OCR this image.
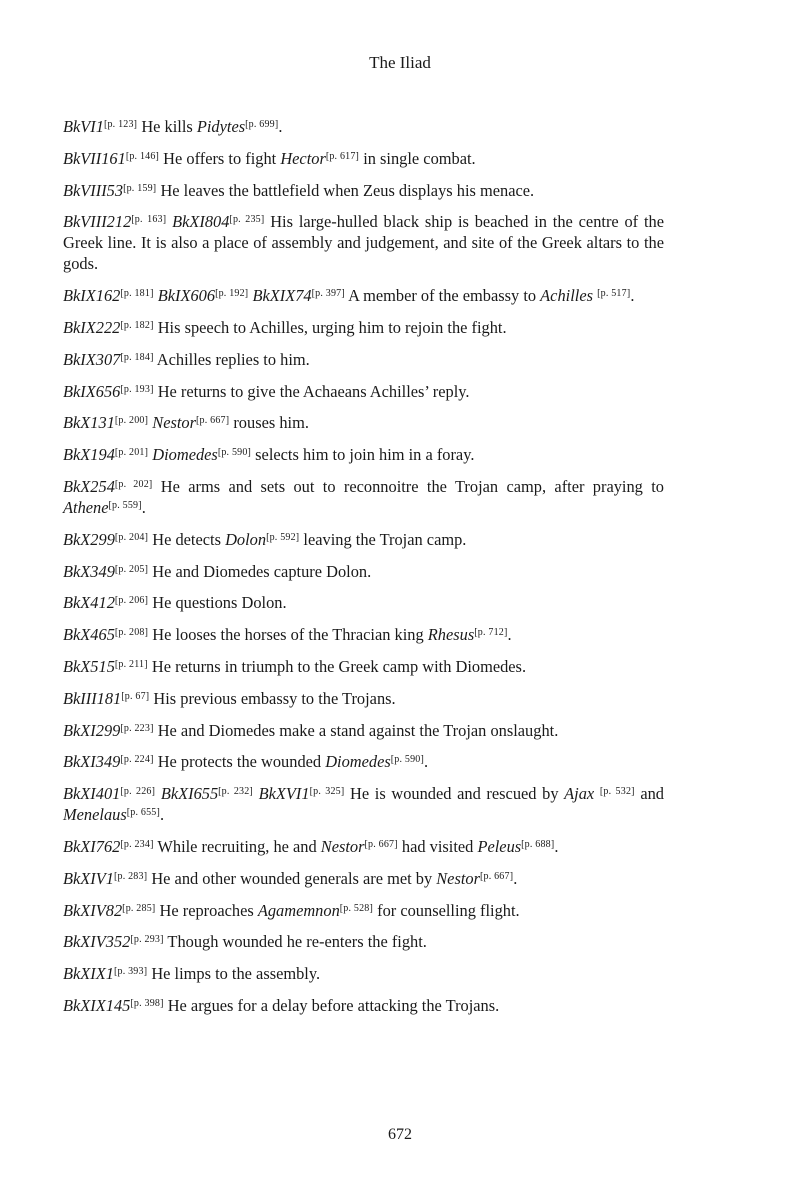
The Iliad

BkVI1[p. 123] He kills Pidytes[p. 699].

BkVII161[p. 146] He offers to fight Hector[p. 617] in single combat.

BkVIII53[p. 159] He leaves the battlefield when Zeus displays his menace.

BkVIII212[p. 163] BkXI804[p. 235] His large-hulled black ship is beached in the centre of the Greek line. It is also a place of assembly and judgement, and site of the Greek altars to the gods.

BkIX162[p. 181] BkIX606[p. 192] BkXIX74[p. 397] A member of the embassy to Achilles [p. 517].

BkIX222[p. 182] His speech to Achilles, urging him to rejoin the fight.

BkIX307[p. 184] Achilles replies to him.

BkIX656[p. 193] He returns to give the Achaeans Achilles’ reply.

BkX131[p. 200] Nestor[p. 667] rouses him.

BkX194[p. 201] Diomedes[p. 590] selects him to join him in a foray.

BkX254[p. 202] He arms and sets out to reconnoitre the Trojan camp, after praying to Athene[p. 559].

BkX299[p. 204] He detects Dolon[p. 592] leaving the Trojan camp.

BkX349[p. 205] He and Diomedes capture Dolon.

BkX412[p. 206] He questions Dolon.

BkX465[p. 208] He looses the horses of the Thracian king Rhesus[p. 712].

BkX515[p. 211] He returns in triumph to the Greek camp with Diomedes.

BkIII181[p. 67] His previous embassy to the Trojans.

BkXI299[p. 223] He and Diomedes make a stand against the Trojan onslaught.

BkXI349[p. 224] He protects the wounded Diomedes[p. 590].

BkXI401[p. 226] BkXI655[p. 232] BkXVI1[p. 325] He is wounded and rescued by Ajax [p. 532] and Menelaus[p. 655].

BkXI762[p. 234] While recruiting, he and Nestor[p. 667] had visited Peleus[p. 688].

BkXIV1[p. 283] He and other wounded generals are met by Nestor[p. 667].

BkXIV82[p. 285] He reproaches Agamemnon[p. 528] for counselling flight.

BkXIV352[p. 293] Though wounded he re-enters the fight.

BkXIX1[p. 393] He limps to the assembly.

BkXIX145[p. 398] He argues for a delay before attacking the Trojans.

672
